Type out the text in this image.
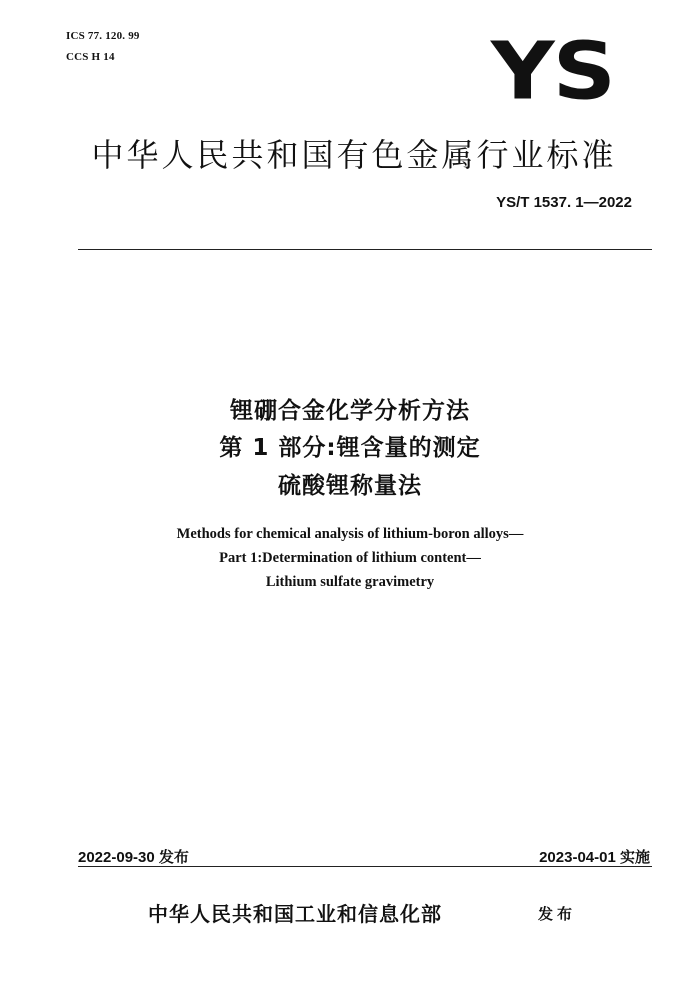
ICS 77. 120. 99
CCS H 14	YS
中华人民共和国有色金属行业标准
YS/T 1537. 1—2022
锂硼合金化学分析方法
第 1 部分:锂含量的测定
硫酸锂称量法
Methods for chemical analysis of lithium-boron alloys—
Part 1:Determination of lithium content—
Lithium sulfate gravimetry
2022-09-30 发布	2023-04-01 实施
中华人民共和国工业和信息化部	发布
